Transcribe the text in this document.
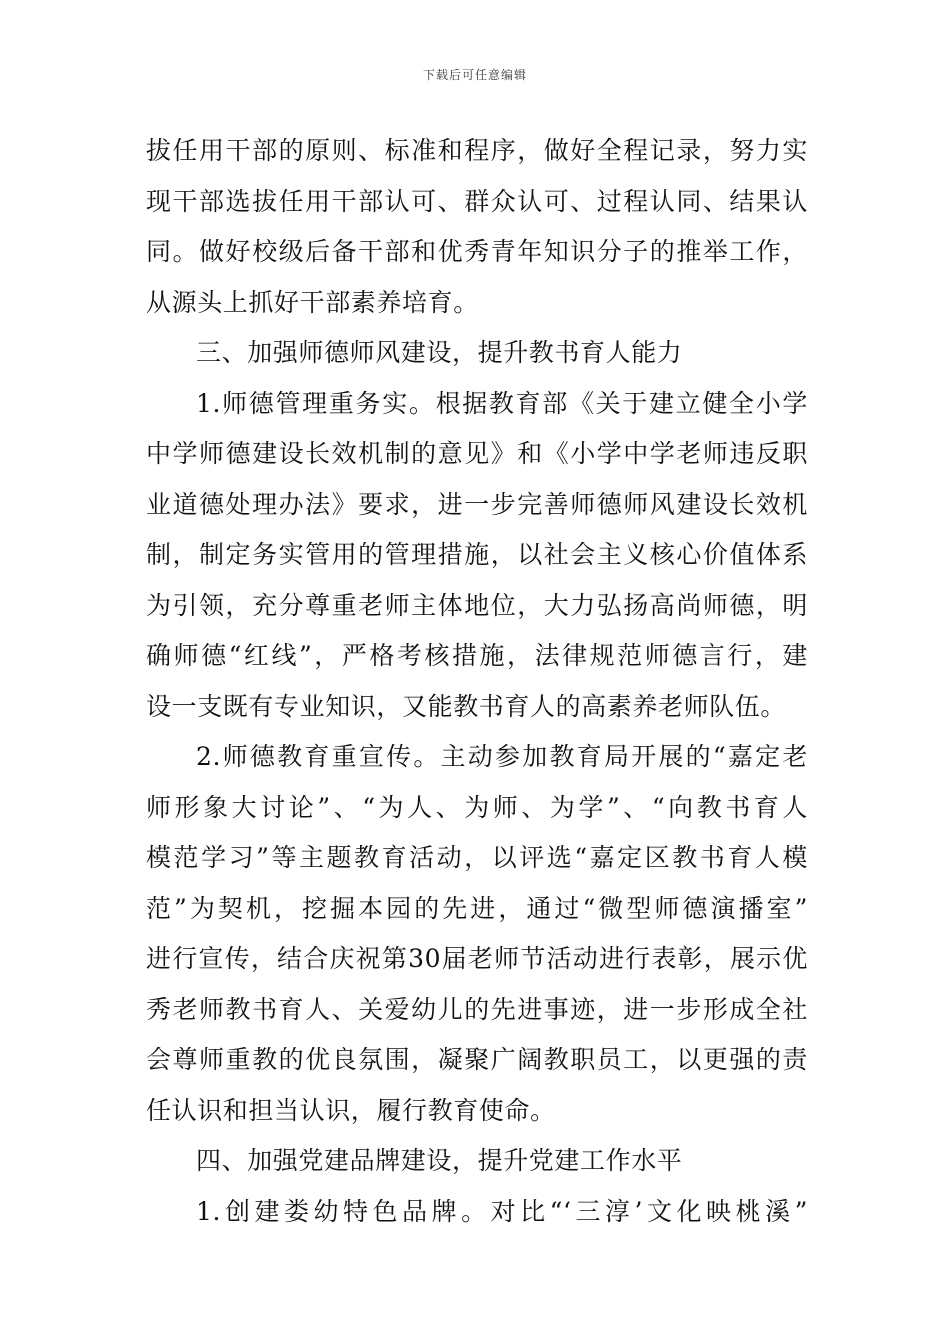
下载后可任意编辑
拔任用干部的原则、标准和程序，做好全程记录，努力实
现干部选拔任用干部认可、群众认可、过程认同、结果认
同。做好校级后备干部和优秀青年知识分子的推举工作，
从源头上抓好干部素养培育。
三、加强师德师风建设，提升教书育人能力
1.师德管理重务实。根据教育部《关于建立健全小学
中学师德建设长效机制的意见》和《小学中学老师违反职
业道德处理办法》要求，进一步完善师德师风建设长效机
制，制定务实管用的管理措施，以社会主义核心价值体系
为引领，充分尊重老师主体地位，大力弘扬高尚师德，明
确师德“红线”，严格考核措施，法律规范师德言行，建
设一支既有专业知识，又能教书育人的高素养老师队伍。
2.师德教育重宣传。主动参加教育局开展的“嘉定老
师形象大讨论”、“为人、为师、为学”、“向教书育人
模范学习”等主题教育活动，以评选“嘉定区教书育人模
范”为契机，挖掘本园的先进，通过“微型师德演播室”
进行宣传，结合庆祝第30届老师节活动进行表彰，展示优
秀老师教书育人、关爱幼儿的先进事迹，进一步形成全社
会尊师重教的优良氛围，凝聚广阔教职员工，以更强的责
任认识和担当认识，履行教育使命。
四、加强党建品牌建设，提升党建工作水平
1.创建娄幼特色品牌。对比“‘三淳’文化映桃溪”
